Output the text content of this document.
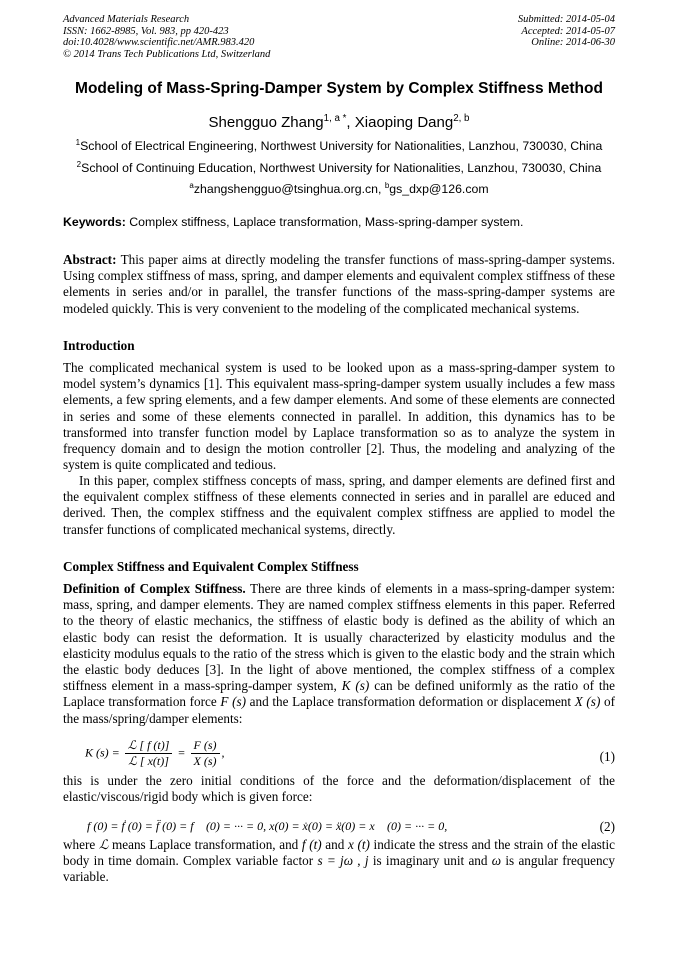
Advanced Materials Research
ISSN: 1662-8985, Vol. 983, pp 420-423
doi:10.4028/www.scientific.net/AMR.983.420
© 2014 Trans Tech Publications Ltd, Switzerland
Submitted: 2014-05-04
Accepted: 2014-05-07
Online: 2014-06-30
Modeling of Mass-Spring-Damper System by Complex Stiffness Method
Shengguo Zhang$^{1, a *}$, Xiaoping Dang$^{2, b}$
$^1$School of Electrical Engineering, Northwest University for Nationalities, Lanzhou, 730030, China
$^2$School of Continuing Education, Northwest University for Nationalities, Lanzhou, 730030, China
$^a$zhangshengguo@tsinghua.org.cn, $^b$gs_dxp@126.com
Keywords: Complex stiffness, Laplace transformation, Mass-spring-damper system.
Abstract: This paper aims at directly modeling the transfer functions of mass-spring-damper systems. Using complex stiffness of mass, spring, and damper elements and equivalent complex stiffness of these elements in series and/or in parallel, the transfer functions of the mass-spring-damper systems are modeled quickly. This is very convenient to the modeling of the complicated mechanical systems.
Introduction
The complicated mechanical system is used to be looked upon as a mass-spring-damper system to model system’s dynamics [1]. This equivalent mass-spring-damper system usually includes a few mass elements, a few spring elements, and a few damper elements. And some of these elements are connected in series and some of these elements connected in parallel. In addition, this dynamics has to be transformed into transfer function model by Laplace transformation so as to analyze the system in frequency domain and to design the motion controller [2]. Thus, the modeling and analyzing of the system is quite complicated and tedious.
In this paper, complex stiffness concepts of mass, spring, and damper elements are defined first and the equivalent complex stiffness of these elements connected in series and in parallel are educed and derived. Then, the complex stiffness and the equivalent complex stiffness are applied to model the transfer functions of complicated mechanical systems, directly.
Complex Stiffness and Equivalent Complex Stiffness
Definition of Complex Stiffness. There are three kinds of elements in a mass-spring-damper system: mass, spring, and damper elements. They are named complex stiffness elements in this paper. Referred to the theory of elastic mechanics, the stiffness of elastic body is defined as the ability of which an elastic body can resist the deformation. It is usually characterized by elasticity modulus and the elasticity modulus equals to the ratio of the stress which is given to the elastic body and the strain which the elastic body deduces [3]. In the light of above mentioned, the complex stiffness of a complex stiffness element in a mass-spring-damper system, K (s) can be defined uniformly as the ratio of the Laplace transformation force F (s) and the Laplace transformation deformation or displacement X (s) of the mass/spring/damper elements:
K $(s) = \frac{\text{ℒ [ f (t)]}}{\text{ℒ [ x(t)]}} = \frac{F (s)}{X (s)}$ ,	(1)
this is under the zero initial conditions of the force and the deformation/displacement of the elastic/viscous/rigid body which is given force:
f (0) = ḟ (0) = f̈ (0) = f⃛ (0) = ··· = 0, x(0) = ẋ(0) = ẍ(0) = x⃛ (0) = ··· = 0,	(2)
where ℒ means Laplace transformation, and f (t) and x (t) indicate the stress and the strain of the elastic body in time domain. Complex variable factor s = jω , j is imaginary unit and ω is angular frequency variable.
